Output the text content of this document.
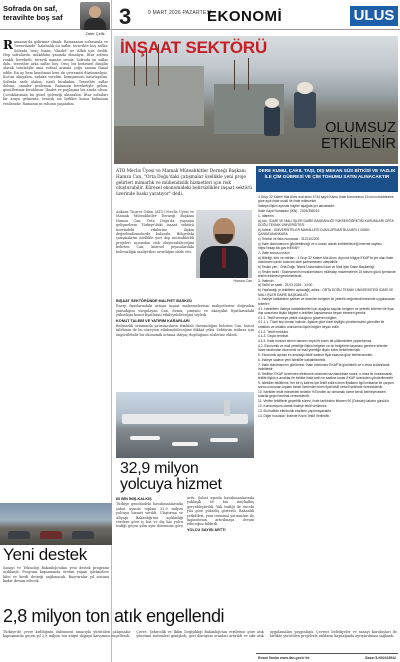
3	9 MART 2026 PAZARTESİ
EKONOMİ	ULUS
Sofrada ön saf, teravihte boş saf
Zafer Çelik
Ramazan'da gelirimiz olmalı. Ramazanın sofrasında ve "teravihinde" kalabalık ön saflar, teravihte boş saflar. Sofrada 'oruç' bizim, "ibadet" ne 'Allah için' dedik. Hep sofralarda, mükâfatın yanında olmalıyız. İftar sofrası renkli, bereketli; teravih namazı sessiz. Sofrada ön saflar dolu, teravihte arka saflar boş. Oruç bir bedensel disiplin olarak tutulabilir ama ruhsal arınma çoğu zaman ihmal edilir. Bu ay hem kendimizi hem de çevremizi düşünmeliyiz. Kur'an okuyalım, sadaka verelim, komşumuzu hatırlayalım. Sofrada sade olalım, israfı bırakalım. Teravihte saflar dolsun, camiler şenlensin. Ramazan bereketiyle gelsin, gönüllerimiz ferahlasın. İbadet ve paylaşma bir arada olsun. Çocuklarımıza bu güzel geleneği aktaralım. İftar sofraları bir araya gelmenin, teravih ise birlikte huzur bulmanın vesilesidir. Ramazan'ın ruhunu yaşatalım.
Yeni destek
Sanayi ve Teknoloji Bakanlığı'ndan yeni destek programı açıklandı. Program kapsamında üretim yapan işletmelere hibe ve kredi desteği sağlanacak. Başvurular yıl sonuna kadar devam edecek.
2,8 milyon ton atık engellendi
Türkiye'de çevre kirliliğinin önlenmesi amacıyla yürütülen çalışmalar kapsamında geçen yıl 2,8 milyon ton atığın doğaya karışması engellendi. Çevre, Şehircilik ve İklim Değişikliği Bakanlığı'nın verilerine göre atık yönetimi sistemleri genişledi, geri dönüşüm oranları artırıldı ve sıfır atık uygulamaları yaygınlaştı. Çevreci belediyeler ve sanayi kuruluşları ile birlikte yürütülen projelerle atıkların kaynağında ayrıştırılması sağlandı.
İNŞAAT SEKTÖRÜ
OLUMSUZ ETKİLENİR
ATO Meclis Üyesi ve Mamak Müteahhitler Derneği Başkanı Hamza Can, "Orta Doğu'daki çatışmalar özellikle yeni proje gelirleri mimarlık ve mühendislik hizmetleri için risk oluşturabilir. Küresel ekonomideki belirsizlikler inşaat sektörü üzerinde baskı yaratıyor" dedi.
Ankara Ticaret Odası (ATO) Meclis Üyesi ve Mamak Müteahhitler Derneği Başkanı Hamza Can, Orta Doğu'da yaşanan gelişmelerin Türkiye'deki inşaat sektörü üzerindeki etkilerine ilişkin değerlendirmelerde bulundu. Bölgedeki çatışmaların özellikle yurt dışı müteahhitlik projeleri açısından risk oluşturabileceğini belirten Can, küresel piyasalardaki belirsizliğin maliyetleri artırdığını ifade etti.
Hamza Can
İNŞAAT SEKTÖRÜNDE MALİYET BASKISI
Enerji fiyatlarındaki artışın inşaat malzemelerinin maliyetlerine doğrudan yansıdığını vurgulayan Can, demir, çimento ve akaryakıt fiyatlarındaki yükselişin konut fiyatlarını etkileyebileceğini söyledi.
KONUT TALEBİ VE YATIRIM KARARLARI
Belirsizlik ortamında yatırımcıların temkinli davrandığını belirten Can, konut talebinin de bu süreçten etkilenebileceğine dikkat çekti. Sektörün istikrar için öngörülebilir bir ekonomik ortama ihtiyaç duyduğunu sözlerine ekledi.
32,9 milyon yolcuya hizmet
60 BİN İNİŞ-KALKIŞ
Türkiye genelindeki havalimanlarında şubat ayında toplam 32,9 milyon yolcuya hizmet verildi. Ulaştırma ve Altyapı Bakanlığı'nın açıkladığı verilere göre iç hat ve dış hat yolcu trafiği geçen yılın aynı dönemine göre arttı. Şubat ayında havalimanlarında yaklaşık 60 bin iniş-kalkış gerçekleştirildi. Yük trafiği de önceki yıla göre yükseliş gösterdi. Bakanlık yetkilileri, yeni terminal yatırımları ile kapasitenin artırılmaya devam edeceğini bildirdi.
YOLCU SAYISI ARTTI
DERE KUMU, ÇAKIL TAŞI, DIŞ MEKAN SÜS BİTKİSİ VE YAZLIK İLE ÇİM GÜBRESİ VE ÇİM TOHUMU SATIN ALINACAKTIR

4 Grup 32 Kalem Mal Alımı mal alımı 4734 sayılı Kamu İhale Kanununun 19 uncu maddesine göre açık ihale usulü ile ihale edilecektir.

İhaleye ilişkin ayrıntılı bilgiler aşağıda yer almaktadır:

İhale Kayıt Numarası (İKN) : 2026/358215

1- İdarenin

a) Adı : İDARİ VE MALİ İŞLER DAİRE BAŞKANLIĞI YÜKSEKÖĞRETİM KURUMLARI ORTA DOĞU TEKNİK ÜNİVERSİTESİ

b) Adresi : ÜNİVERSİTELER MAHALLESİ DUMLUPINAR BULVARI 1 06800 ÇANKAYA/ANKARA

c) Telefon ve faks numarası : 3122102200

ç) İhale dokümanının görülebileceği ve e-imzalı olarak indirilebileceği internet sayfası : https://ekap.kik.gov.tr/EKAP/

2- İhale konusu malın

a) Niteliği, türü ve miktarı : 4 Grup 32 Kalem Mal Alımı. Ayrıntılı bilgiye EKAP'ta yer alan ihale dokümanı içinde bulunan idari şartnameden ulaşılabilir.

b) Teslim yeri : Orta Doğu Teknik Üniversitesi İdari ve Mali İşler Daire Başkanlığı

c) Teslim tarihi : Sözleşmenin imzalanmasını müteakip malzemelerin 15 takvim günü içerisinde teslim edilmesi gerekmektedir.

3- İhalenin

a) Tarihi ve saati : 23.03.2026 - 14:00

b) Yapılacağı (e-tekliflerin açılacağı) adres : ORTA DOĞU TEKNİK ÜNİVERSİTESİ İDARİ VE MALİ İŞLER DAİRE BAŞKANLIĞI

4. İhaleye katılabilme şartları ve istenilen belgeler ile yeterlik değerlendirmesinde uygulanacak kriterler:

4.1. İsteklilerin ihaleye katılabilmeleri için aşağıda sayılan belgeler ve yeterlik kriterleri ile fiyat dışı unsurlara ilişkin bilgileri e-teklifleri kapsamında beyan etmeleri gerekir.

4.1.1. Teklif vermeye yetkili olduğunu gösteren bilgiler;

4.1.1.1. Tüzel kişi olması halinde, ilgisine göre tüzel kişiliğin yönetimindeki görevliler ile ortakları ve ortaklık oranlarına ilişkin bilgiler beyan edilir.

4.1.2. Teklif mektubu.

4.1.3. Geçici teminat.

4.1.4. İhale konusu alımın tamamı veya bir kısmı alt yüklenicilere yaptırılamaz.

4.2. Ekonomik ve mali yeterliğe ilişkin belgeler ve bu belgelerin taşıması gereken kriterler: İdare tarafından ekonomik ve mali yeterliğe ilişkin kriter belirtilmemiştir.

5. Ekonomik açıdan en avantajlı teklif sadece fiyat esasına göre belirlenecektir.

6. İhaleye sadece yerli istekliler katılabilecektir.

7. İhale dokümanının görülmesi: İhale dokümanı EKAP'ta görülebilir ve e-imza kullanılarak indirilebilir.

8. Teklifler, EKAP üzerinden elektronik ortamda hazırlandıktan sonra, e-imza ile imzalanarak, teklife ilişkin e-anahtar ile birlikte ihale tarih ve saatine kadar EKAP üzerinden gönderilecektir.

9. İstekliler tekliflerini, her bir iş kalemi için teklif edilen birim fiyatların ilgili miktarlar ile çarpımı sonucu bulunan toplam bedel üzerinden birim fiyat teklif cetveli şeklinde vereceklerdir.

10. İstekliler teklif edecekleri bedelin %3'ünden az olmamak üzere kendi belirleyecekleri tutarda geçici teminat vereceklerdir.

11. Verilen tekliflerin geçerlilik süresi, ihale tarihinden itibaren 90 (Doksan) takvim günüdür.

12. Konsorsiyum olarak ihaleye teklif verilemez.

13. Bu ihalede elektronik eksiltme yapılmayacaktır.

14. Diğer hususlar: İhalede Kısmi Teklif Verilebilir.

Resmi İlanlar www.ilan.gov.tr'de	Basın İLN02418942
